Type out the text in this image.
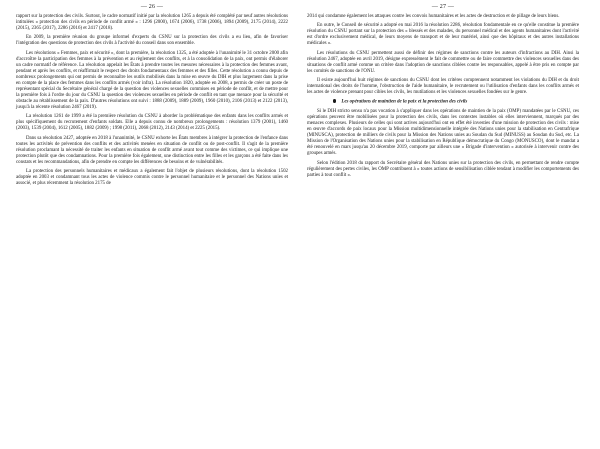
— 26 —

rapport sur la protection des civils. Surtout, le cadre normatif initié par la résolution 1265 a depuis été complété par neuf autres résolutions intitulées « protection des civils en période de conflit armé » : 1296 (2000), 1674 (2006), 1738 (2006), 1894 (2009), 2175 (2014), 2222 (2015), 2365 (2017), 2286 (2016) et 2417 (2018).

En 2009, la première réunion du groupe informel d'experts du CSNU sur la protection des civils a eu lieu, afin de favoriser l'intégration des questions de protection des civils à l'activité du conseil dans son ensemble.

Les résolutions « Femmes, paix et sécurité », dont la première, la résolution 1325, a été adoptée à l'unanimité le 31 octobre 2000 afin d'accroître la participation des femmes à la prévention et au règlement des conflits, et à la consolidation de la paix, ont permis d'élaborer un cadre normatif de référence. La résolution appelait les États à prendre toutes les mesures nécessaires à la protection des femmes avant, pendant et après les conflits, et réaffirmait le respect des droits fondamentaux des femmes et des filles. Cette résolution a connu depuis de nombreux prolongements qui ont permis de reconnaître les outils mobilisés dans la mise en œuvre du DIH et plus largement dans la prise en compte de la place des femmes dans les conflits armés (voir infra). La résolution 1820, adoptée en 2008, a permis de créer un poste de représentant spécial du Secrétaire général chargé de la question des violences sexuelles commises en période de conflit, et de mettre pour la première fois à l'ordre du jour du CSNU la question des violences sexuelles en période de conflit en tant que menace pour la sécurité et obstacle au rétablissement de la paix. D'autres résolutions ont suivi : 1888 (2009), 1889 (2009), 1960 (2010), 2106 (2013) et 2122 (2013), jusqu'à la récente résolution 2467 (2019).

La résolution 1261 de 1999 a été la première résolution du CSNU à aborder la problématique des enfants dans les conflits armés et plus spécifiquement du recrutement d'enfants soldats. Elle a depuis connu de nombreux prolongements : résolution 1379 (2001), 1460 (2003), 1539 (2004), 1612 (2005), 1882 (2009) ; 1998 (2011), 2068 (2012), 2143 (2014) et 2225 (2015).

Dans sa résolution 2427, adoptée en 2018 à l'unanimité, le CSNU exhorte les États membres à intégrer la protection de l'enfance dans toutes les activités de prévention des conflits et des activités menées en situation de conflit ou de post-conflit. Il s'agit de la première résolution proclamant la nécessité de traiter les enfants en situation de conflit armé avant tout comme des victimes, ce qui implique une protection plutôt que des condamnations. Pour la première fois également, une distinction entre les filles et les garçons a été faite dans les constats et les recommandations, afin de prendre en compte les différences de besoins et de vulnérabilités.

La protection des personnels humanitaires et médicaux a également fait l'objet de plusieurs résolutions, dont la résolution 1502 adoptée en 2003 et condamnant tous les actes de violence commis contre le personnel humanitaire et le personnel des Nations unies et associé, et plus récemment la résolution 2175 de

— 27 —

2014 qui condamne également les attaques contre les convois humanitaires et les actes de destruction et de pillage de leurs biens.

En outre, le Conseil de sécurité a adopté en mai 2016 la résolution 2286, résolution fondamentale en ce qu'elle constitue la première résolution du CSNU portant sur la protection des « blessés et des malades, du personnel médical et des agents humanitaires dont l'activité est d'ordre exclusivement médical, de leurs moyens de transport et de leur matériel, ainsi que des hôpitaux et des autres installations médicales ».

Les résolutions du CSNU permettent aussi de définir des régimes de sanctions contre les auteurs d'infractions au DIH. Ainsi la résolution 2467, adoptée en avril 2019, désigne expressément le fait de commettre ou de faire commettre des violences sexuelles dans des situations de conflit armé comme un critère dans l'adoption de sanctions ciblées contre les responsables, appelé à être pris en compte par les comités de sanctions de l'ONU.

Il existe aujourd'hui huit régimes de sanctions du CSNU dont les critères comprennent notamment les violations du DIH et du droit international des droits de l'homme, l'obstruction de l'aide humanitaire, le recrutement ou l'utilisation d'enfants dans les conflits armés et les actes de violence prenant pour cibles les civils, les mutilations et les violences sexuelles fondées sur le genre.

Les opérations de maintien de la paix et la protection des civils

Si le DIH stricto sensu n'a pas vocation à s'appliquer dans les opérations de maintien de la paix (OMP) mandatées par le CSNU, ces opérations peuvent être mobilisées pour la protection des civils, dans les contextes instables où elles interviennent, marqués par des menaces complexes. Plusieurs de celles qui sont actives aujourd'hui ont en effet été investies d'une mission de protection des civils : mise en œuvre d'accords de paix locaux pour la Mission multidimensionnelle intégrée des Nations unies pour la stabilisation en Centrafrique (MINUSCA), protection de milliers de civils pour la Mission des Nations unies au Soudan du Sud (MINUSS) au Soudan du Sud, etc. La Mission de l'Organisation des Nations unies pour la stabilisation en République démocratique du Congo (MONUSCO), dont le mandat a été renouvelé en mars jusqu'au 20 décembre 2019, comporte par ailleurs une « Brigade d'intervention » autorisée à intervenir contre des groupes armés.

Selon l'édition 2018 du rapport du Secrétaire général des Nations unies sur la protection des civils, en permettant de rendre compte régulièrement des pertes civiles, les OMP contribuent à « toutes actions de sensibilisation ciblée tendant à modifier les comportements des parties à tout conflit ».
